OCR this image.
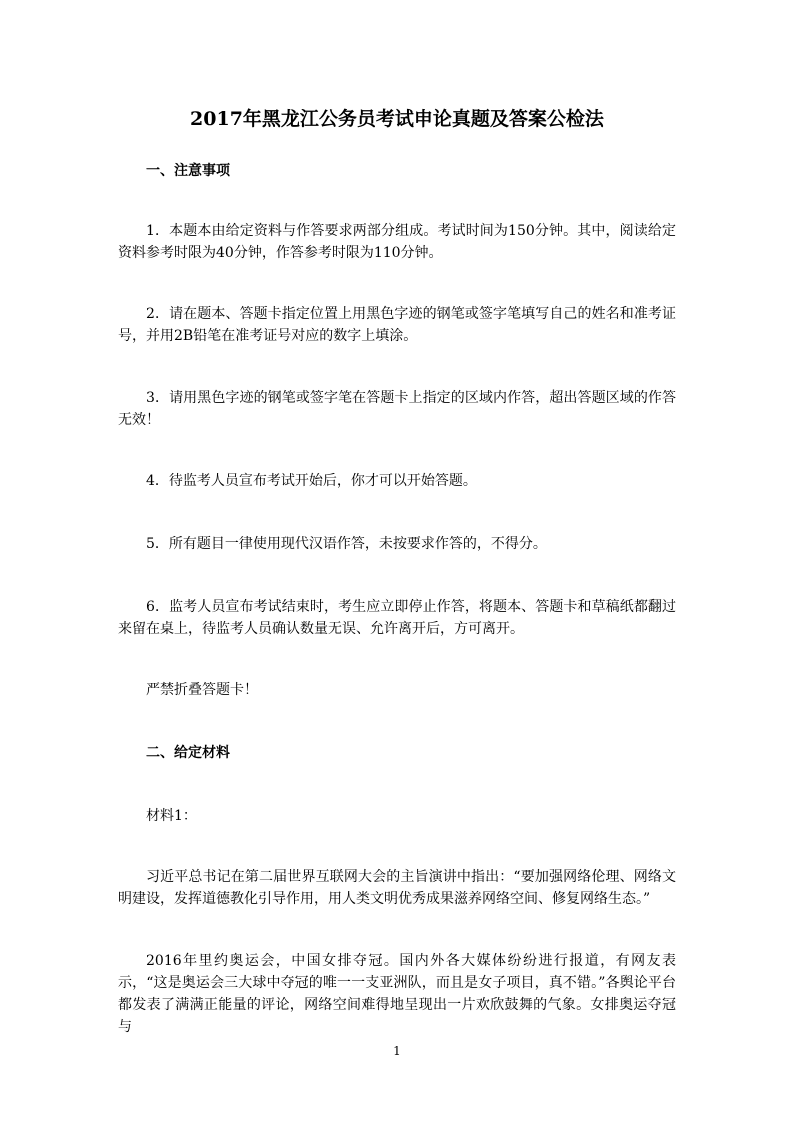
2017年黑龙江公务员考试申论真题及答案公检法
一、注意事项
1．本题本由给定资料与作答要求两部分组成。考试时间为150分钟。其中，阅读给定资料参考时限为40分钟，作答参考时限为110分钟。
2．请在题本、答题卡指定位置上用黑色字迹的钢笔或签字笔填写自己的姓名和准考证号，并用2B铅笔在准考证号对应的数字上填涂。
3．请用黑色字迹的钢笔或签字笔在答题卡上指定的区域内作答，超出答题区域的作答无效！
4．待监考人员宣布考试开始后，你才可以开始答题。
5．所有题目一律使用现代汉语作答，未按要求作答的，不得分。
6．监考人员宣布考试结束时，考生应立即停止作答，将题本、答题卡和草稿纸都翻过来留在桌上，待监考人员确认数量无误、允许离开后，方可离开。
严禁折叠答题卡！
二、给定材料
材料1：
习近平总书记在第二届世界互联网大会的主旨演讲中指出：“要加强网络伦理、网络文明建设，发挥道德教化引导作用，用人类文明优秀成果滋养网络空间、修复网络生态。”
2016年里约奥运会，中国女排夺冠。国内外各大媒体纷纷进行报道，有网友表示，“这是奥运会三大球中夺冠的唯一一支亚洲队，而且是女子项目，真不错。”各舆论平台都发表了满满正能量的评论，网络空间难得地呈现出一片欢欣鼓舞的气象。女排奥运夺冠与
1
